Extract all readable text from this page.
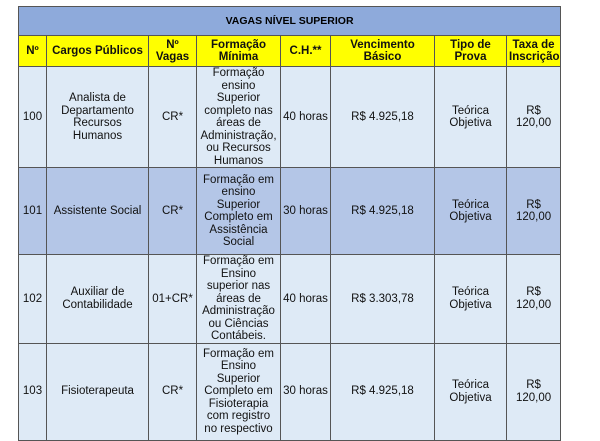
VAGAS NÍVEL SUPERIOR							
Nº	Cargos Públicos	Nº Vagas	Formação Mínima	C.H.**	Vencimento Básico	Tipo de Prova	Taxa de Inscrição
100	Analista de Departamento Recursos Humanos	CR*	Formação ensino Superior completo nas áreas de Administração, ou Recursos Humanos	40 horas	R$ 4.925,18	Teórica Objetiva	R$ 120,00
101	Assistente Social	CR*	Formação em ensino Superior Completo em Assistência Social	30 horas	R$ 4.925,18	Teórica Objetiva	R$ 120,00
102	Auxiliar de Contabilidade	01+CR*	Formação em Ensino superior nas áreas de Administração ou Ciências Contábeis.	40 horas	R$ 3.303,78	Teórica Objetiva	R$ 120,00
103	Fisioterapeuta	CR*	Formação em Ensino Superior Completo em Fisioterapia com registro no respectivo	30 horas	R$ 4.925,18	Teórica Objetiva	R$ 120,00
